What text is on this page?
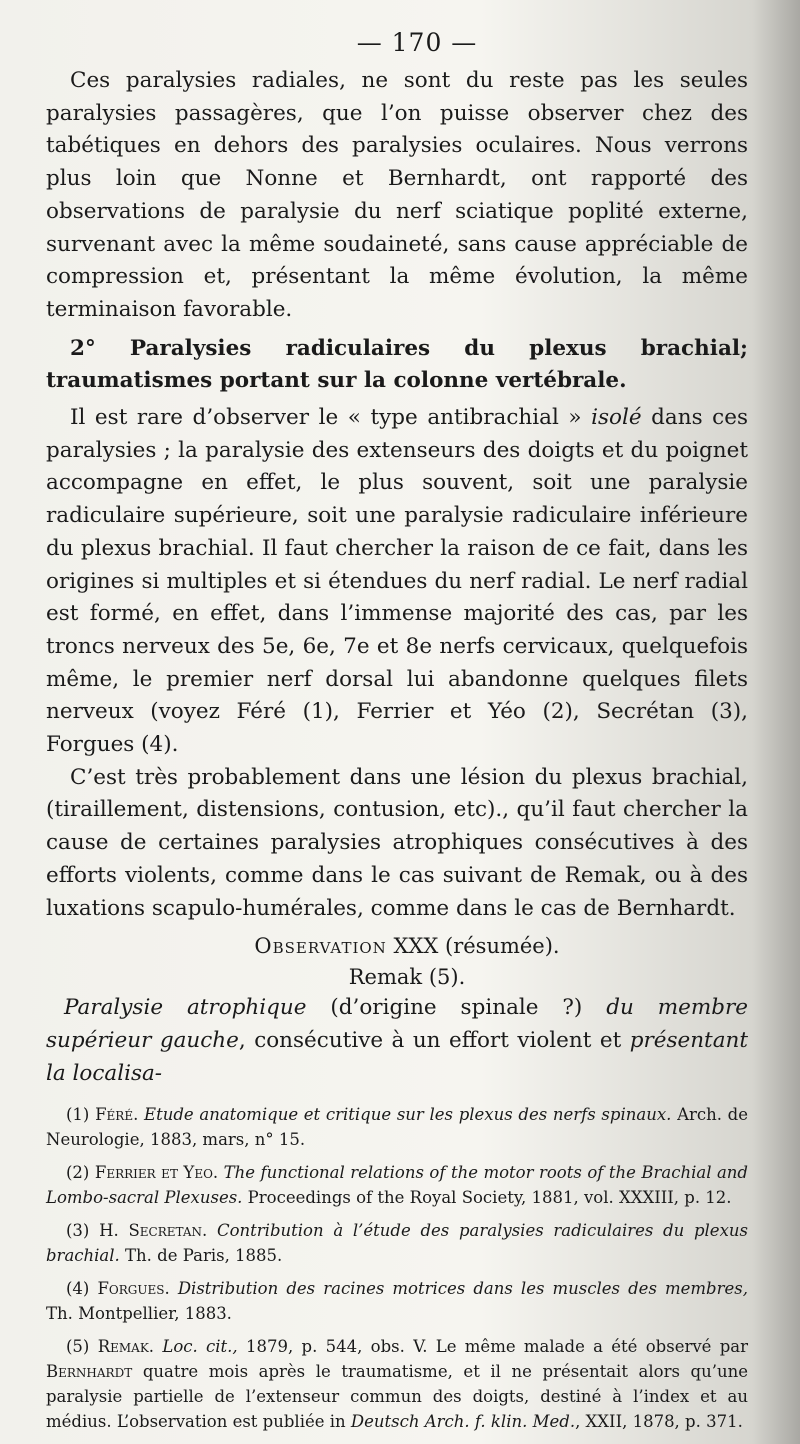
— 170 —

Ces paralysies radiales, ne sont du reste pas les seules paralysies passagères, que l’on puisse observer chez des tabétiques en dehors des paralysies oculaires. Nous verrons plus loin que Nonne et Bernhardt, ont rapporté des observations de paralysie du nerf sciatique poplité externe, survenant avec la même soudaineté, sans cause appréciable de compression et, présentant la même évolution, la même terminaison favorable.

2° Paralysies radiculaires du plexus brachial; traumatismes portant sur la colonne vertébrale.

Il est rare d’observer le « type antibrachial » isolé dans ces paralysies ; la paralysie des extenseurs des doigts et du poignet accompagne en effet, le plus souvent, soit une paralysie radiculaire supérieure, soit une paralysie radiculaire inférieure du plexus brachial. Il faut chercher la raison de ce fait, dans les origines si multiples et si étendues du nerf radial. Le nerf radial est formé, en effet, dans l’immense majorité des cas, par les troncs nerveux des 5e, 6e, 7e et 8e nerfs cervicaux, quelquefois même, le premier nerf dorsal lui abandonne quelques filets nerveux (voyez Féré (1), Ferrier et Yéo (2), Secrétan (3), Forgues (4).

C’est très probablement dans une lésion du plexus brachial, (tiraillement, distensions, contusion, etc)., qu’il faut chercher la cause de certaines paralysies atrophiques consécutives à des efforts violents, comme dans le cas suivant de Remak, ou à des luxations scapulo-humérales, comme dans le cas de Bernhardt.

Observation XXX (résumée).
Remak (5).

Paralysie atrophique (d’origine spinale ?) du membre supérieur gauche, consécutive à un effort violent et présentant la localisa-

(1) Féré. Etude anatomique et critique sur les plexus des nerfs spinaux. Arch. de Neurologie, 1883, mars, n° 15.

(2) Ferrier et Yeo. The functional relations of the motor roots of the Brachial and Lombo-sacral Plexuses. Proceedings of the Royal Society, 1881, vol. XXXIII, p. 12.

(3) H. Secretan. Contribution à l’étude des paralysies radiculaires du plexus brachial. Th. de Paris, 1885.

(4) Forgues. Distribution des racines motrices dans les muscles des membres, Th. Montpellier, 1883.

(5) Remak. Loc. cit., 1879, p. 544, obs. V. Le même malade a été observé par Bernhardt quatre mois après le traumatisme, et il ne présentait alors qu’une paralysie partielle de l’extenseur commun des doigts, destiné à l’index et au médius. L’observation est publiée in Deutsch Arch. f. klin. Med., XXII, 1878, p. 371.
